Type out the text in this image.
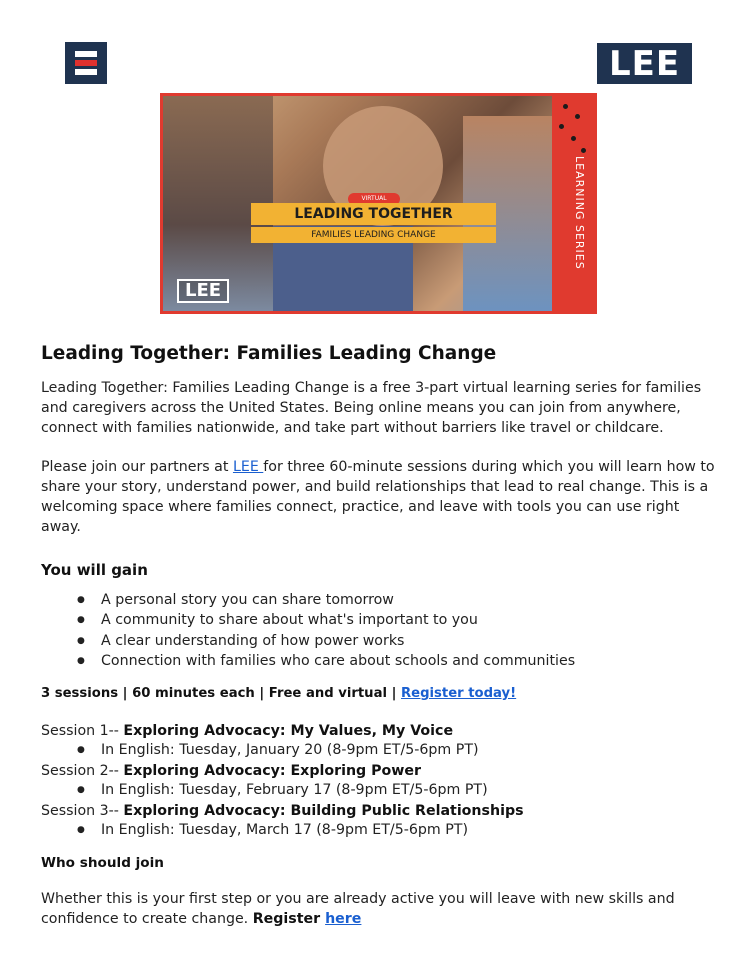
LEE
LEARNING SERIES
VIRTUAL
LEADING TOGETHER
FAMILIES LEADING CHANGE
LEE
Leading Together: Families Leading Change

Leading Together: Families Leading Change is a free 3-part virtual learning series for families and caregivers across the United States. Being online means you can join from anywhere, connect with families nationwide, and take part without barriers like travel or childcare.

Please join our partners at LEE for three 60-minute sessions during which you will learn how to share your story, understand power, and build relationships that lead to real change. This is a welcoming space where families connect, practice, and leave with tools you can use right away.

You will gain
● A personal story you can share tomorrow
● A community to share about what's important to you
● A clear understanding of how power works
● Connection with families who care about schools and communities
3 sessions | 60 minutes each | Free and virtual | Register today!
Session 1-- Exploring Advocacy: My Values, My Voice
● In English: Tuesday, January 20 (8-9pm ET/5-6pm PT)
Session 2-- Exploring Advocacy: Exploring Power
● In English: Tuesday, February 17 (8-9pm ET/5-6pm PT)
Session 3-- Exploring Advocacy: Building Public Relationships
● In English: Tuesday, March 17 (8-9pm ET/5-6pm PT)
Who should join

Whether this is your first step or you are already active you will leave with new skills and confidence to create change. Register here
